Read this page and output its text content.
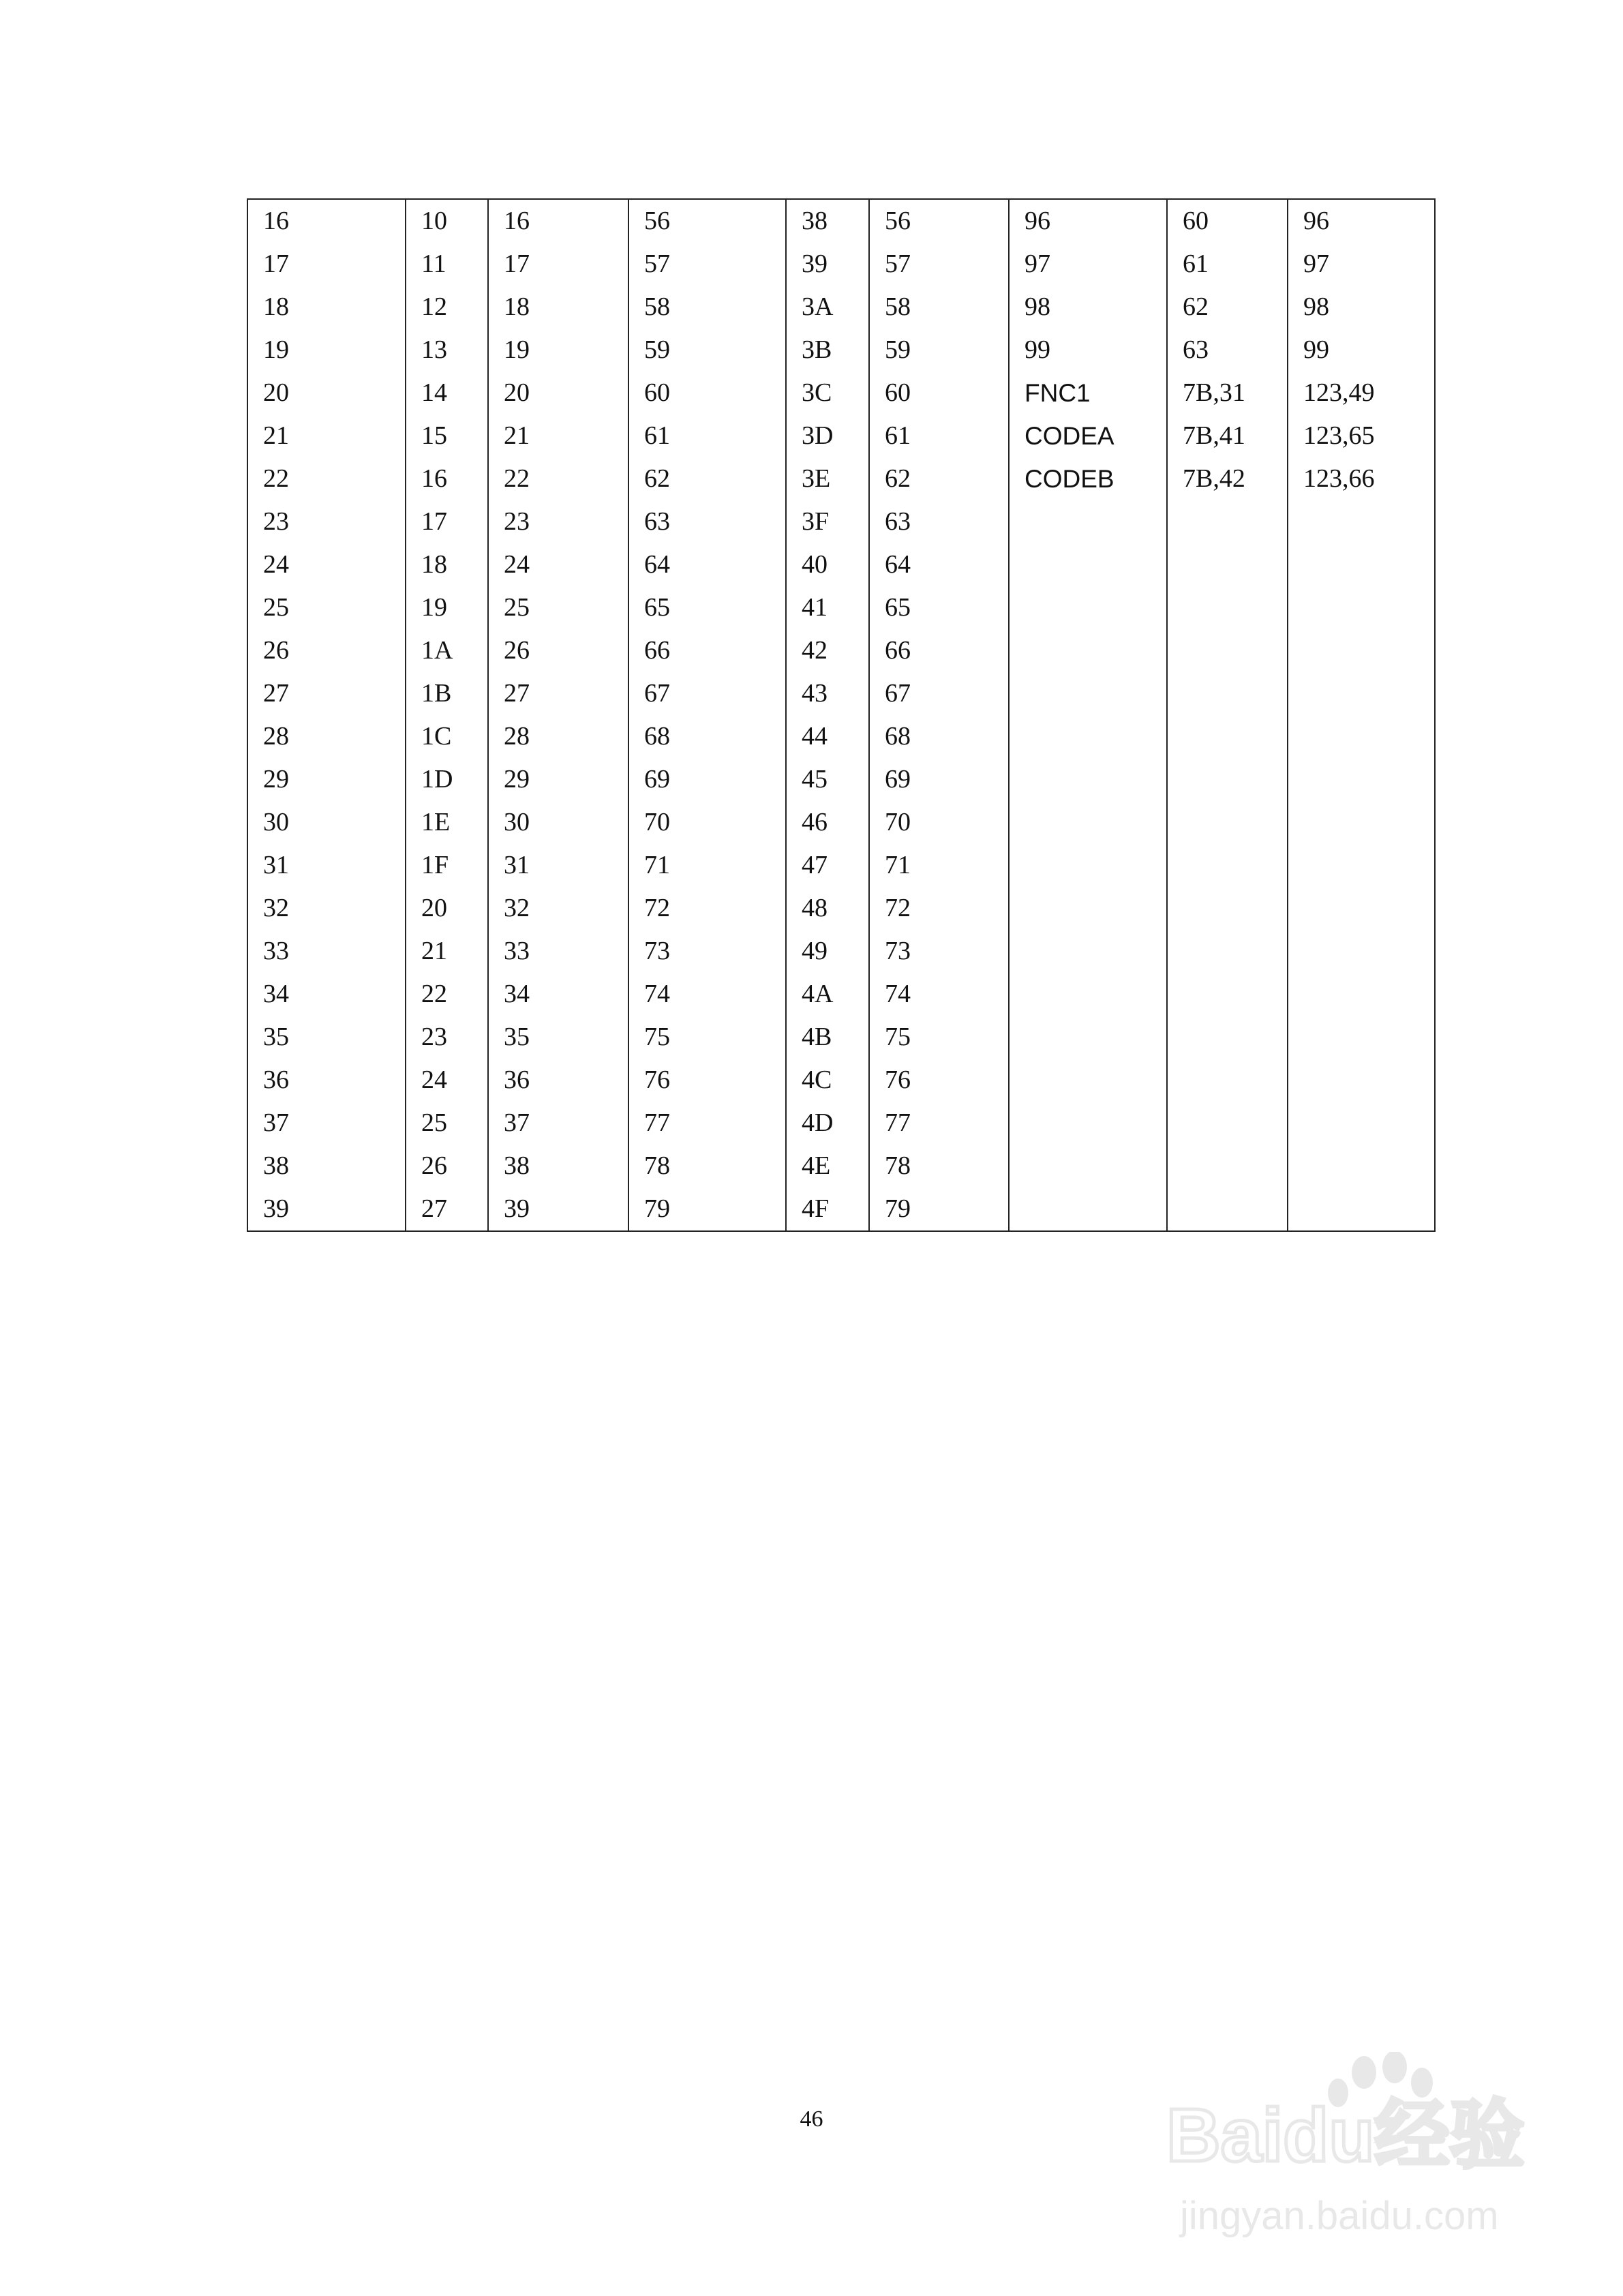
16	10	16	56	38	56	96	60	96
17	11	17	57	39	57	97	61	97
18	12	18	58	3A	58	98	62	98
19	13	19	59	3B	59	99	63	99
20	14	20	60	3C	60	FNC1	7B,31	123,49
21	15	21	61	3D	61	CODEA	7B,41	123,65
22	16	22	62	3E	62	CODEB	7B,42	123,66
23	17	23	63	3F	63			
24	18	24	64	40	64			
25	19	25	65	41	65			
26	1A	26	66	42	66			
27	1B	27	67	43	67			
28	1C	28	68	44	68			
29	1D	29	69	45	69			
30	1E	30	70	46	70			
31	1F	31	71	47	71			
32	20	32	72	48	72			
33	21	33	73	49	73			
34	22	34	74	4A	74			
35	23	35	75	4B	75			
36	24	36	76	4C	76			
37	25	37	77	4D	77			
38	26	38	78	4E	78			
39	27	39	79	4F	79			
46	Baidu经验
jingyan.baidu.com
